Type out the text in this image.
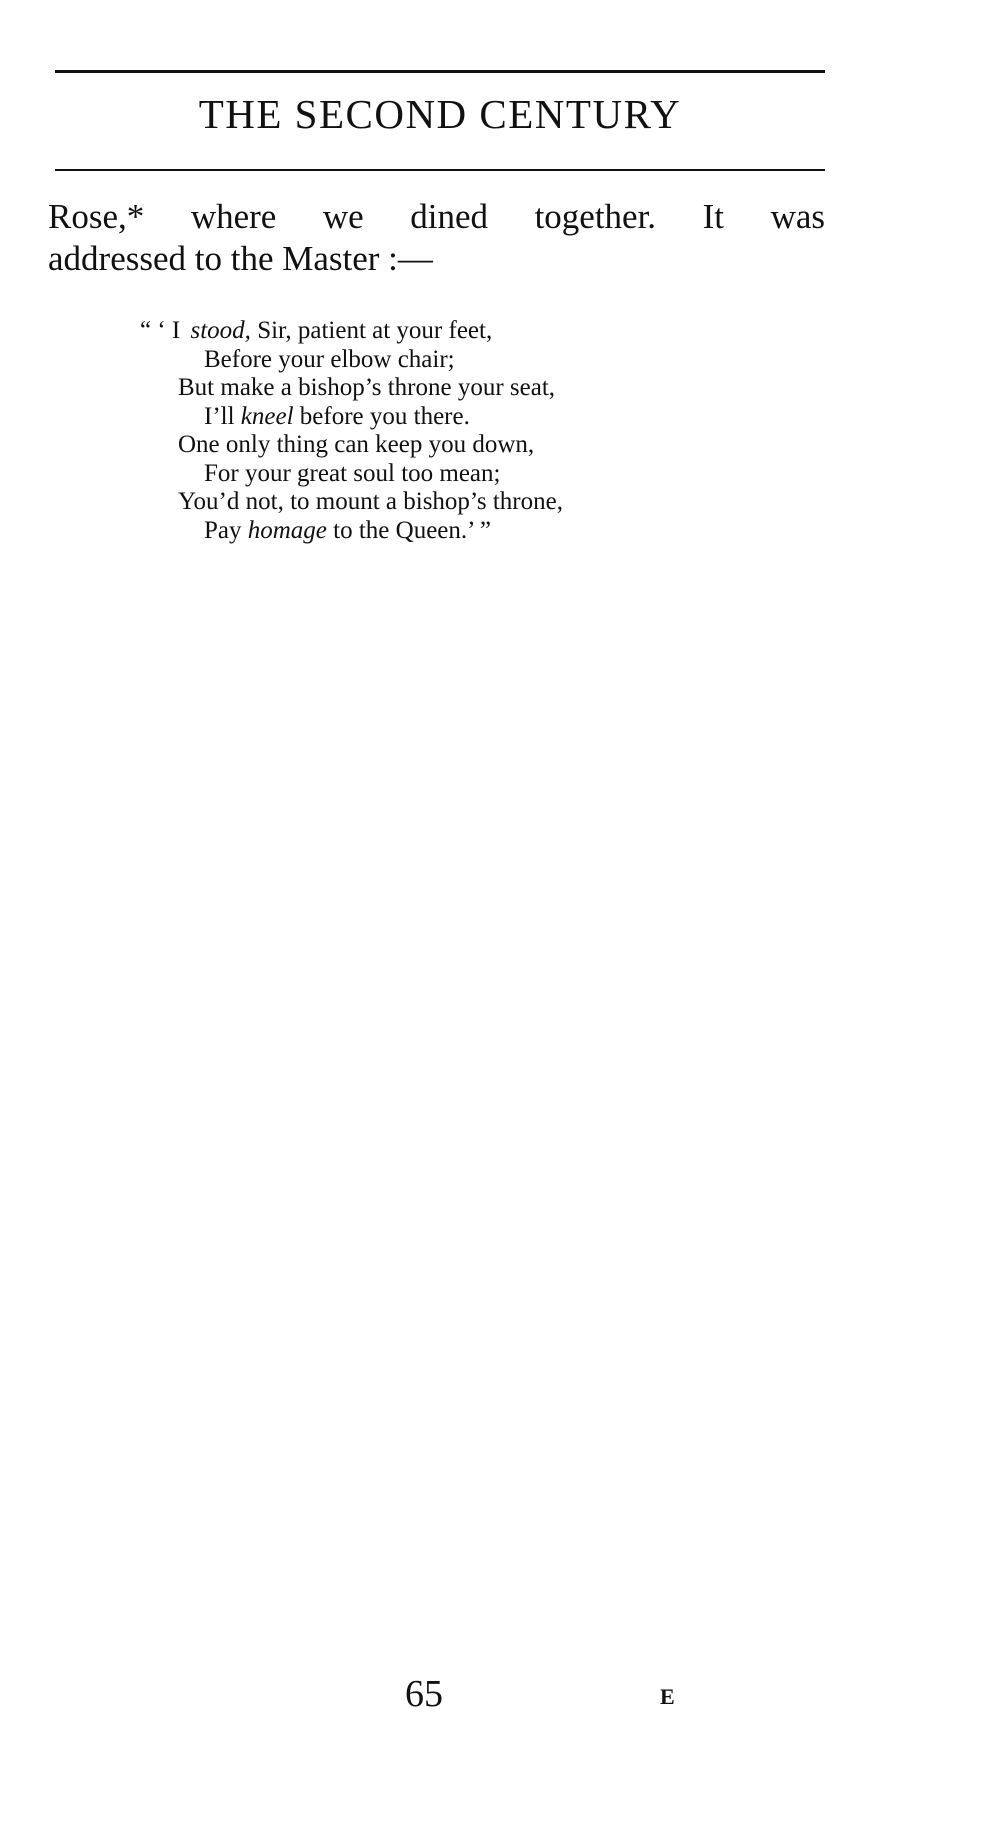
THE SECOND CENTURY
Rose,* where we dined together. It was
addressed to the Master :—
“ ‘ I stood, Sir, patient at your feet,
Before your elbow chair;
But make a bishop’s throne your seat,
I’ll kneel before you there.
One only thing can keep you down,
For your great soul too mean;
You’d not, to mount a bishop’s throne,
Pay homage to the Queen.’ ”
65	E
